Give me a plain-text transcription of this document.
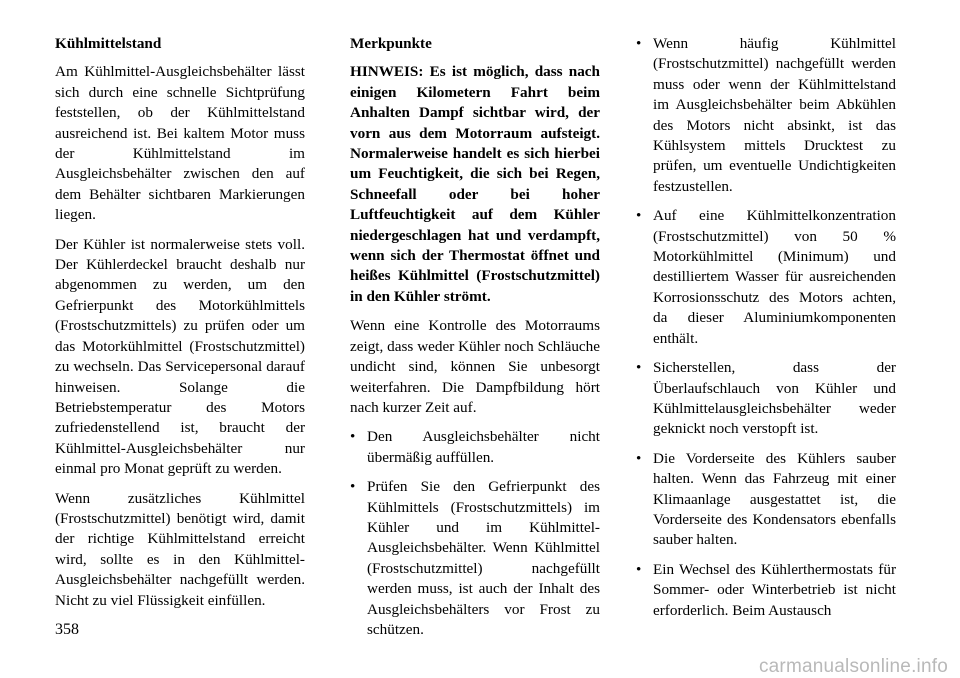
Kühlmittelstand

Am Kühlmittel-Ausgleichsbehälter lässt sich durch eine schnelle Sichtprüfung feststellen, ob der Kühlmittelstand ausreichend ist. Bei kaltem Motor muss der Kühlmittelstand im Ausgleichsbehälter zwischen den auf dem Behälter sichtbaren Markierungen liegen.

Der Kühler ist normalerweise stets voll. Der Kühlerdeckel braucht deshalb nur abgenommen zu werden, um den Gefrierpunkt des Motorkühlmittels (Frostschutzmittels) zu prüfen oder um das Motorkühlmittel (Frostschutzmittel) zu wechseln. Das Servicepersonal darauf hinweisen. Solange die Betriebstemperatur des Motors zufriedenstellend ist, braucht der Kühlmittel-Ausgleichsbehälter nur einmal pro Monat geprüft zu werden.

Wenn zusätzliches Kühlmittel (Frostschutzmittel) benötigt wird, damit der richtige Kühlmittelstand erreicht wird, sollte es in den Kühlmittel-Ausgleichsbehälter nachgefüllt werden. Nicht zu viel Flüssigkeit einfüllen.

Merkpunkte

HINWEIS: Es ist möglich, dass nach einigen Kilometern Fahrt beim Anhalten Dampf sichtbar wird, der vorn aus dem Motorraum aufsteigt. Normalerweise handelt es sich hierbei um Feuchtigkeit, die sich bei Regen, Schneefall oder bei hoher Luftfeuchtigkeit auf dem Kühler niedergeschlagen hat und verdampft, wenn sich der Thermostat öffnet und heißes Kühlmittel (Frostschutzmittel) in den Kühler strömt.

Wenn eine Kontrolle des Motorraums zeigt, dass weder Kühler noch Schläuche undicht sind, können Sie unbesorgt weiterfahren. Die Dampfbildung hört nach kurzer Zeit auf.

• Den Ausgleichsbehälter nicht übermäßig auffüllen.
• Prüfen Sie den Gefrierpunkt des Kühlmittels (Frostschutzmittels) im Kühler und im Kühlmittel-Ausgleichsbehälter. Wenn Kühlmittel (Frostschutzmittel) nachgefüllt werden muss, ist auch der Inhalt des Ausgleichsbehälters vor Frost zu schützen.
• Wenn häufig Kühlmittel (Frostschutzmittel) nachgefüllt werden muss oder wenn der Kühlmittelstand im Ausgleichsbehälter beim Abkühlen des Motors nicht absinkt, ist das Kühlsystem mittels Drucktest zu prüfen, um eventuelle Undichtigkeiten festzustellen.
• Auf eine Kühlmittelkonzentration (Frostschutzmittel) von 50 % Motorkühlmittel (Minimum) und destilliertem Wasser für ausreichenden Korrosionsschutz des Motors achten, da dieser Aluminiumkomponenten enthält.
• Sicherstellen, dass der Überlaufschlauch von Kühler und Kühlmittelausgleichsbehälter weder geknickt noch verstopft ist.
• Die Vorderseite des Kühlers sauber halten. Wenn das Fahrzeug mit einer Klimaanlage ausgestattet ist, die Vorderseite des Kondensators ebenfalls sauber halten.
• Ein Wechsel des Kühlerthermostats für Sommer- oder Winterbetrieb ist nicht erforderlich. Beim Austausch
358
carmanualsonline.info
